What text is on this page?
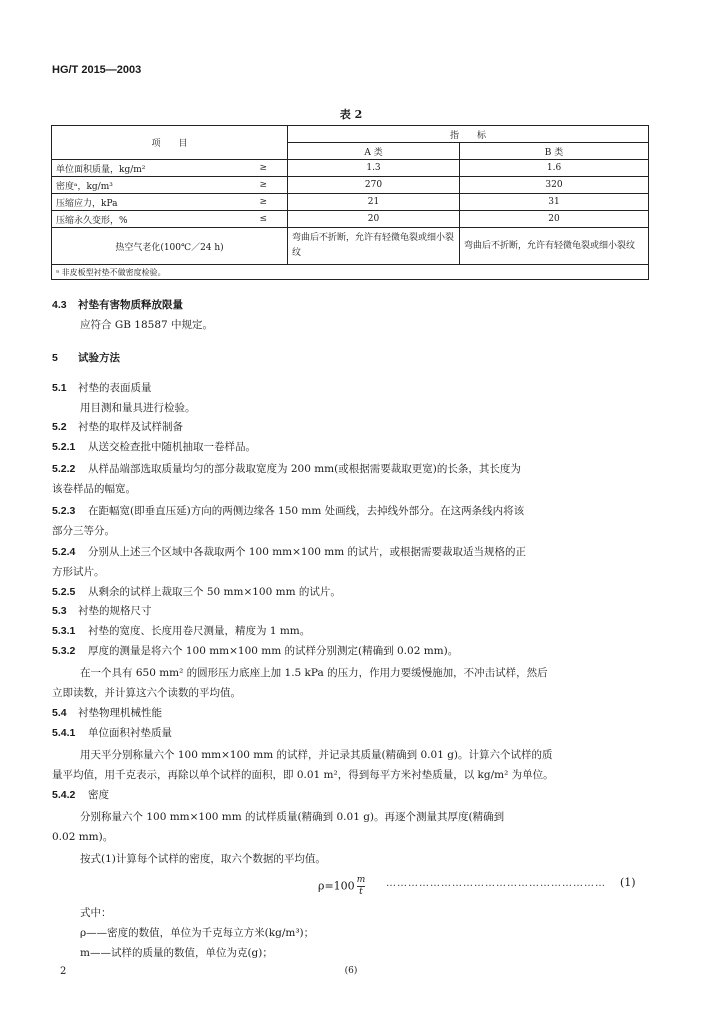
HG/T 2015—2003
表 2
项　　目		指　　标	
		A 类	B 类
单位面积质量，kg/m²	≥	1.3	1.6
密度ᵃ，kg/m³	≥	270	320
压缩应力，kPa	≥	21	31
压缩永久变形，%	≤	20	20
热空气老化(100℃／24 h)		弯曲后不折断，允许有轻微龟裂或细小裂纹	弯曲后不折断，允许有轻微龟裂或细小裂纹
ᵃ 非皮板型衬垫不做密度检验。			
4.3 衬垫有害物质释放限量
应符合 GB 18587 中规定。
5 试验方法
5.1 衬垫的表面质量
用目测和量具进行检验。
5.2 衬垫的取样及试样制备
5.2.1 从送交检查批中随机抽取一卷样品。
5.2.2 从样品端部选取质量均匀的部分裁取宽度为 200 mm(或根据需要裁取更宽)的长条，其长度为
该卷样品的幅宽。
5.2.3 在距幅宽(即垂直压延)方向的两侧边缘各 150 mm 处画线，去掉线外部分。在这两条线内将该
部分三等分。
5.2.4 分别从上述三个区域中各裁取两个 100 mm×100 mm 的试片，或根据需要裁取适当规格的正
方形试片。
5.2.5 从剩余的试样上裁取三个 50 mm×100 mm 的试片。
5.3 衬垫的规格尺寸
5.3.1 衬垫的宽度、长度用卷尺测量，精度为 1 mm。
5.3.2 厚度的测量是将六个 100 mm×100 mm 的试样分别测定(精确到 0.02 mm)。
在一个具有 650 mm² 的圆形压力底座上加 1.5 kPa 的压力，作用力要缓慢施加，不冲击试样，然后
立即读数，并计算这六个读数的平均值。
5.4 衬垫物理机械性能
5.4.1 单位面积衬垫质量
用天平分别称量六个 100 mm×100 mm 的试样，并记录其质量(精确到 0.01 g)。计算六个试样的质
量平均值，用千克表示，再除以单个试样的面积，即 0.01 m²，得到每平方米衬垫质量，以 kg/m² 为单位。
5.4.2 密度
分别称量六个 100 mm×100 mm 的试样质量(精确到 0.01 g)。再逐个测量其厚度(精确到
0.02 mm)。
按式(1)计算每个试样的密度，取六个数据的平均值。
$\rho=100 \frac{m}{t}$ …………………………………………………… (1)
式中：
ρ——密度的数值，单位为千克每立方米(kg/m³)；
m——试样的质量的数值，单位为克(g)；
2	(6)
